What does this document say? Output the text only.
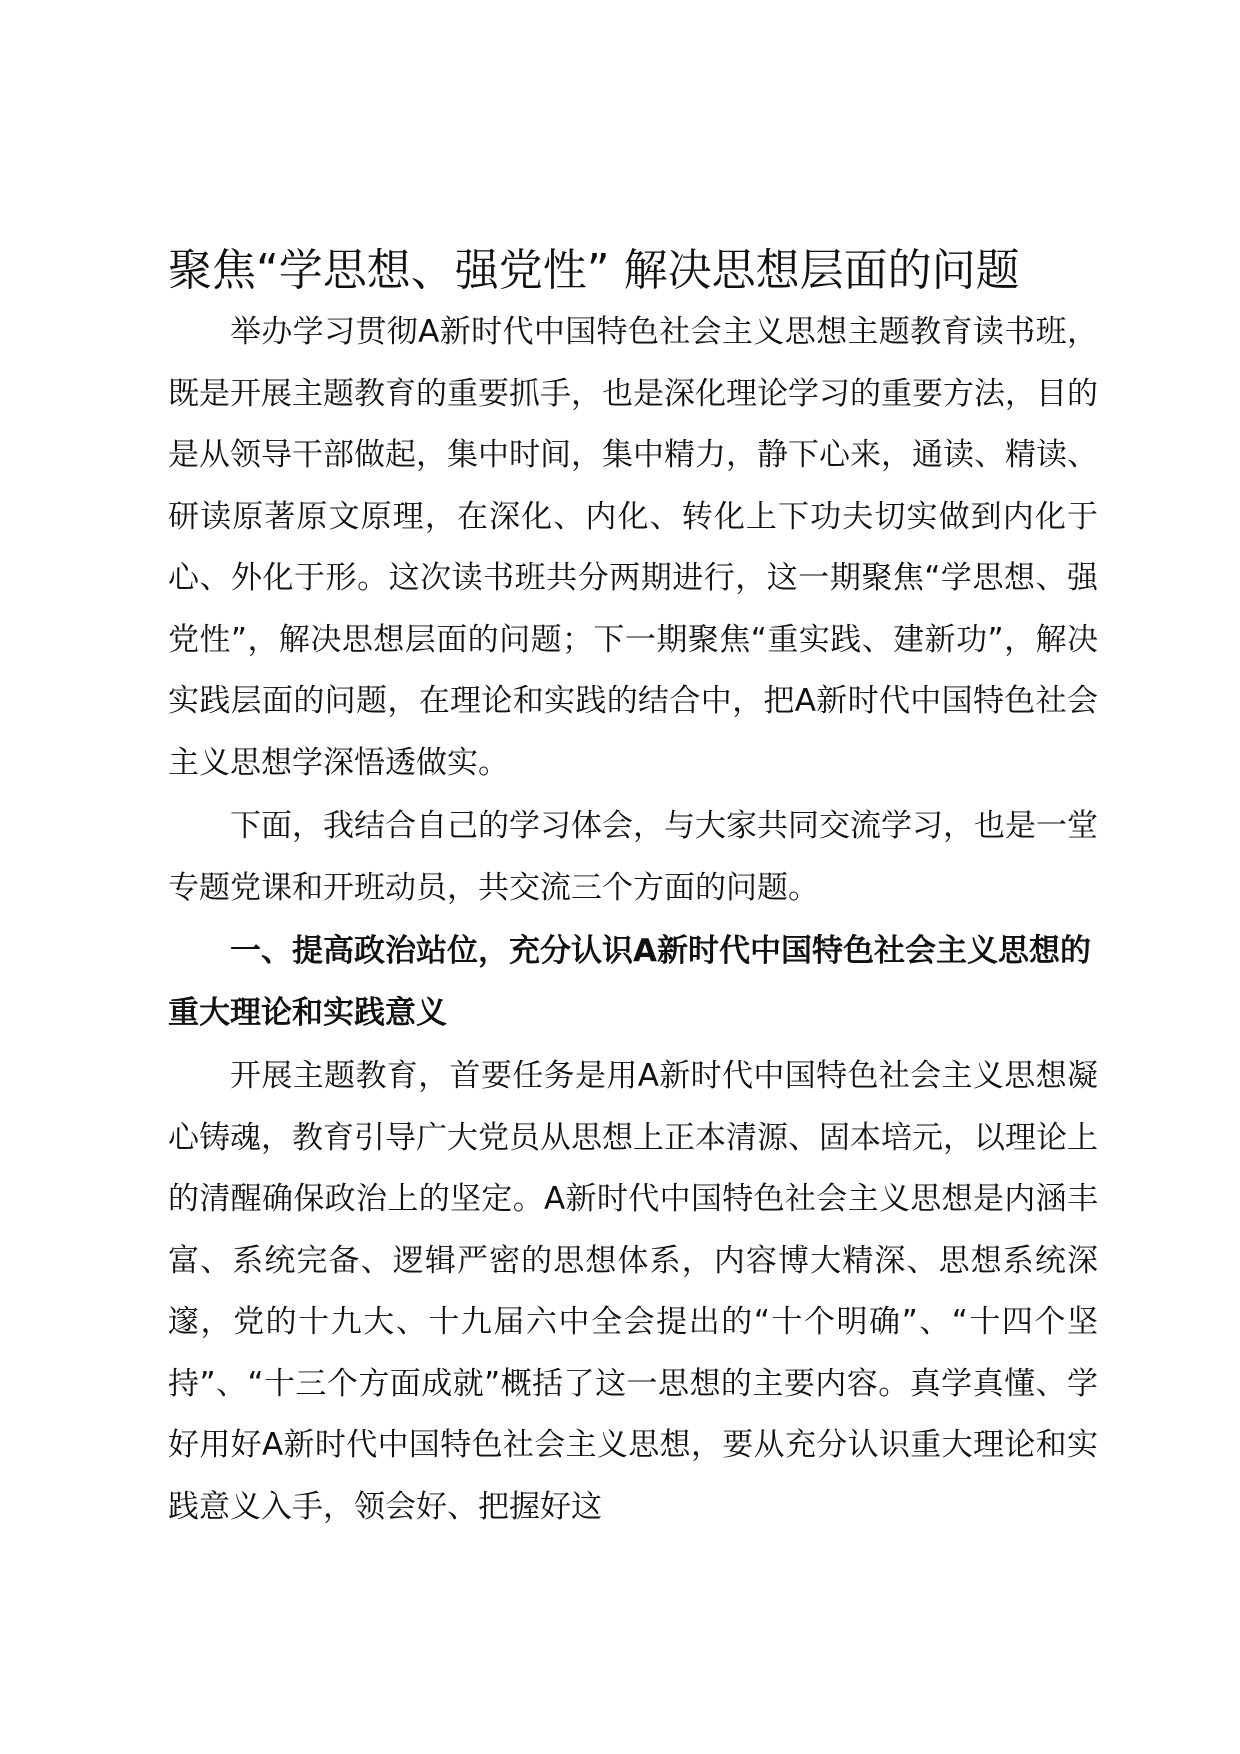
聚焦“学思想、强党性” 解决思想层面的问题

举办学习贯彻A新时代中国特色社会主义思想主题教育读书班，既是开展主题教育的重要抓手，也是深化理论学习的重要方法，目的是从领导干部做起，集中时间，集中精力，静下心来，通读、精读、研读原著原文原理，在深化、内化、转化上下功夫切实做到内化于心、外化于形。这次读书班共分两期进行，这一期聚焦“学思想、强党性”，解决思想层面的问题；下一期聚焦“重实践、建新功”，解决实践层面的问题，在理论和实践的结合中，把A新时代中国特色社会主义思想学深悟透做实。

下面，我结合自己的学习体会，与大家共同交流学习，也是一堂专题党课和开班动员，共交流三个方面的问题。

一、提高政治站位，充分认识A新时代中国特色社会主义思想的重大理论和实践意义

开展主题教育，首要任务是用A新时代中国特色社会主义思想凝心铸魂，教育引导广大党员从思想上正本清源、固本培元，以理论上的清醒确保政治上的坚定。A新时代中国特色社会主义思想是内涵丰富、系统完备、逻辑严密的思想体系，内容博大精深、思想系统深邃，党的十九大、十九届六中全会提出的“十个明确”、“十四个坚持”、“十三个方面成就”概括了这一思想的主要内容。真学真懂、学好用好A新时代中国特色社会主义思想，要从充分认识重大理论和实践意义入手，领会好、把握好这
